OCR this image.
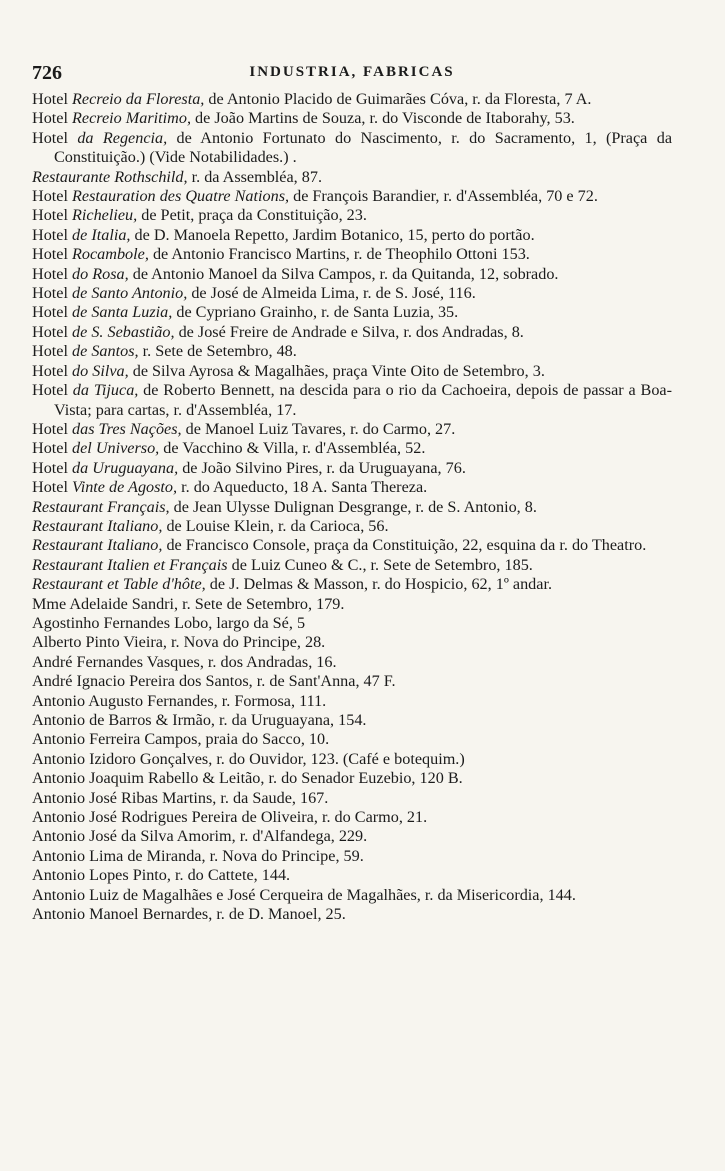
726	INDUSTRIA, FABRICAS

Hotel Recreio da Floresta, de Antonio Placido de Guimarães Cóva, r. da Floresta, 7 A.

Hotel Recreio Maritimo, de João Martins de Souza, r. do Visconde de Itaborahy, 53.

Hotel da Regencia, de Antonio Fortunato do Nascimento, r. do Sacramento, 1, (Praça da Constituição.) (Vide Notabilidades.) .

Restaurante Rothschild, r. da Assembléa, 87.

Hotel Restauration des Quatre Nations, de François Barandier, r. d'Assembléa, 70 e 72.

Hotel Richelieu, de Petit, praça da Constituição, 23.

Hotel de Italia, de D. Manoela Repetto, Jardim Botanico, 15, perto do portão.

Hotel Rocambole, de Antonio Francisco Martins, r. de Theophilo Ottoni 153.

Hotel do Rosa, de Antonio Manoel da Silva Campos, r. da Quitanda, 12, sobrado.

Hotel de Santo Antonio, de José de Almeida Lima, r. de S. José, 116.

Hotel de Santa Luzia, de Cypriano Grainho, r. de Santa Luzia, 35.

Hotel de S. Sebastião, de José Freire de Andrade e Silva, r. dos Andradas, 8.

Hotel de Santos, r. Sete de Setembro, 48.

Hotel do Silva, de Silva Ayrosa & Magalhães, praça Vinte Oito de Setembro, 3.

Hotel da Tijuca, de Roberto Bennett, na descida para o rio da Cachoeira, depois de passar a Boa-Vista; para cartas, r. d'Assembléa, 17.

Hotel das Tres Nações, de Manoel Luiz Tavares, r. do Carmo, 27.

Hotel del Universo, de Vacchino & Villa, r. d'Assembléa, 52.

Hotel da Uruguayana, de João Silvino Pires, r. da Uruguayana, 76.

Hotel Vinte de Agosto, r. do Aqueducto, 18 A. Santa Thereza.

Restaurant Français, de Jean Ulysse Dulignan Desgrange, r. de S. Antonio, 8.

Restaurant Italiano, de Louise Klein, r. da Carioca, 56.

Restaurant Italiano, de Francisco Console, praça da Constituição, 22, esquina da r. do Theatro.

Restaurant Italien et Français de Luiz Cuneo & C., r. Sete de Setembro, 185.

Restaurant et Table d'hôte, de J. Delmas & Masson, r. do Hospicio, 62, 1º andar.

Mme Adelaide Sandri, r. Sete de Setembro, 179.

Agostinho Fernandes Lobo, largo da Sé, 5

Alberto Pinto Vieira, r. Nova do Principe, 28.

André Fernandes Vasques, r. dos Andradas, 16.

André Ignacio Pereira dos Santos, r. de Sant'Anna, 47 F.

Antonio Augusto Fernandes, r. Formosa, 111.

Antonio de Barros & Irmão, r. da Uruguayana, 154.

Antonio Ferreira Campos, praia do Sacco, 10.

Antonio Izidoro Gonçalves, r. do Ouvidor, 123. (Café e botequim.)

Antonio Joaquim Rabello & Leitão, r. do Senador Euzebio, 120 B.

Antonio José Ribas Martins, r. da Saude, 167.

Antonio José Rodrigues Pereira de Oliveira, r. do Carmo, 21.

Antonio José da Silva Amorim, r. d'Alfandega, 229.

Antonio Lima de Miranda, r. Nova do Principe, 59.

Antonio Lopes Pinto, r. do Cattete, 144.

Antonio Luiz de Magalhães e José Cerqueira de Magalhães, r. da Misericordia, 144.

Antonio Manoel Bernardes, r. de D. Manoel, 25.
